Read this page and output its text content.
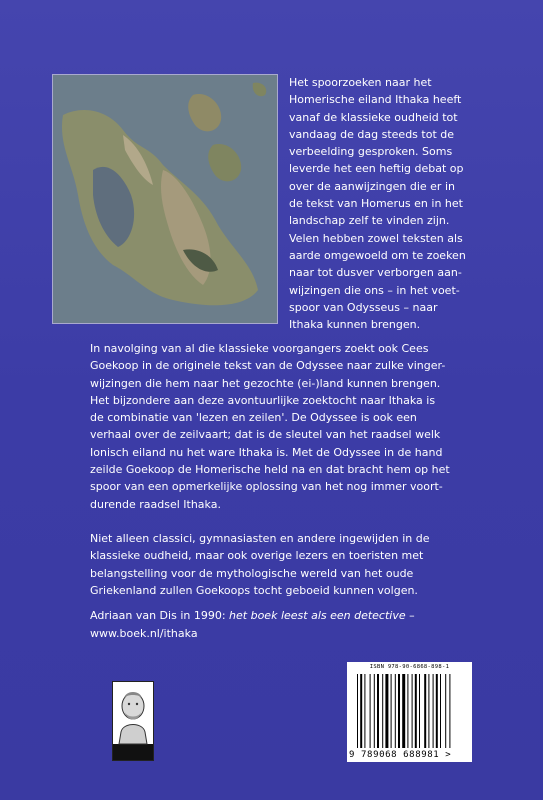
Het spoorzoeken naar het
Homerische eiland Ithaka heeft
vanaf de klassieke oudheid tot
vandaag de dag steeds tot de
verbeelding gesproken. Soms
leverde het een heftig debat op
over de aanwijzingen die er in
de tekst van Homerus en in het
landschap zelf te vinden zijn.
Velen hebben zowel teksten als
aarde omgewoeld om te zoeken
naar tot dusver verborgen aan-
wijzingen die ons – in het voet-
spoor van Odysseus – naar
Ithaka kunnen brengen.

In navolging van al die klassieke voorgangers zoekt ook Cees
Goekoop in de originele tekst van de Odyssee naar zulke vinger-
wijzingen die hem naar het gezochte (ei-)land kunnen brengen.
Het bijzondere aan deze avontuurlijke zoektocht naar Ithaka is
de combinatie van 'lezen en zeilen'. De Odyssee is ook een
verhaal over de zeilvaart; dat is de sleutel van het raadsel welk
Ionisch eiland nu het ware Ithaka is. Met de Odyssee in de hand
zeilde Goekoop de Homerische held na en dat bracht hem op het
spoor van een opmerkelijke oplossing van het nog immer voort-
durende raadsel Ithaka.

Niet alleen classici, gymnasiasten en andere ingewijden in de
klassieke oudheid, maar ook overige lezers en toeristen met
belangstelling voor de mythologische wereld van het oude
Griekenland zullen Goekoops tocht geboeid kunnen volgen.

Adriaan van Dis in 1990: het boek leest als een detective –
www.boek.nl/ithaka

ISBN 978-90-6868-898-1
9 789068 688981 >
